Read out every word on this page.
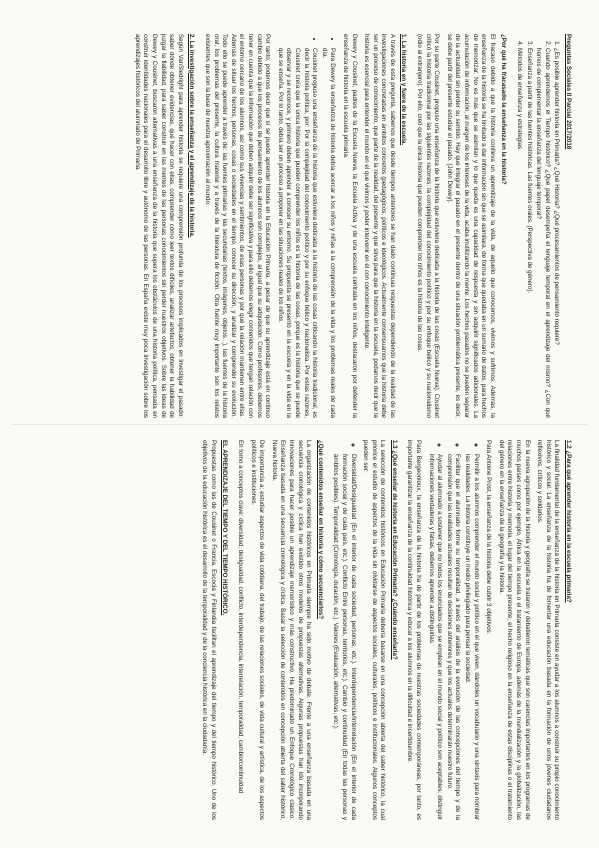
Preguntas Sociales II Parcial 2017/2018
1. ¿Es posible aprender historia en Primaria? ¿Qué Historia? ¿Qué procesamientos de pensamiento requiere?
2. Cuando aprendemos el Tiempo histórico? ¿Qué papel desempeña el lenguaje temporal en el aprendizaje del mismo? ¿Con qué hemos de complementar la enseñanza del lenguaje temporal?
3. Enseñanza a partir de las fuentes históricas. Las fuentes orales. (Perspectiva de género).
4. Métodos de enseñanza y estrategias.
¿Por qué ha fracasado la enseñanza en la historia?

El fracaso debido a que la historia conlleva un aprendizaje de la vida, de aquello que conocemos, vivimos y sufrimos. Además, la enseñanza de la historia se ha limitado a dar información sin que se asimilara, de forma que quedaba en un sumario de datos, para hechos de memorizar. No es más que se asimilan y lo que queda es una capacidad de respuesta y sin adquirir significados adicionales. La acumulación de información, al margen de los intereses de la vida, acaba inutilizando la mente. Los hechos pasados no se pueden separar de la actualidad sin perder su sentido. Hay que integrar el pasado en el presente dentro de una situación problemática presente, es decir, se debe partir del presente estudiar el pasado. (John Dewey).

Por su parte Cousinet, propuso una enseñanza de la historia que estuviera dedicada a la historia de las cosas (Escuela Nueva). Cousinet criticó la historia tradicional por las siguientes razones: la complejidad del conocimiento político y por su enfoque bélico y su nacionalismo (odio al extranjero). Por ello, creó que la única historia que pueden comprender los niños es la historia de las cosas.

1. La historia en y fuera de la escuela.

A través de esta pregunta, sabemos que desde tiempos anteriores se han dado continuas respuestas dependiendo de la realidad de las investigaciones concretadas en ámbitos concretos (pedagógicos, políticos e ideológicos. Actualmente consensuamos que la historia debe ser un proceso de conocimiento, que parte de la realidad, del presente y que sirva para que la historia en la escuela, podamos decir que la historia es esencial para entender el mundo en el que vivimos y poder intervenir en él con conocimiento inteligente.

Dewey y Cousinet, padres de la Escuela Nueva, la Escuela Activa y de una escuela centrada en los niños, destacaron por defender la enseñanza de historia en la escuela primaria.

• Para Dewey la enseñanza de historia debía acercar a los niños y niñas a la comprensión de la vida y los problemas reales de cada día.
• Cousinet propuso una enseñanza de la historia que estuviera dedicada a la historia de las cosas criticando la historia tradicional, es decir la historia política, por: Por la complejidad del conocimiento político y por su enfoque bélico y nacionalista. Por estas razones, Cousinet creía que la única historia que pueden comprender los niños es la historia de las cosas, porque es la historia que se puede observar y se reconoce, y primero deben aprender a conocer su entorno. Su propuesta se presentó en la escuela y en la vida en la que se enseña. Por lo tanto, debía ser un proceso a proponer en las situaciones reales de los niños.

Por tanto, podemos decir que sí se puede aprender historia en la Educación Primaria, a pesar de que su aprendizaje está en continuo cambio debido a que los procesos de pensamiento de los alumnos son complejos, al igual que su adquisición. Como profesores, debemos tener en cuenta que la información que deben adquirir debe ser significativa y para ello debemos elegir contenidos que tengan relación con el entorno cercano de los alumnos, así como sus vivencias y sentimientos, de esas personas y por qué la relación mantienen entre ellas. Además de situar los hechos, personas, cosas o sociedades en el tiempo, conocer su dirección, y analizar y comprender su evolución. Todo ello se puede aprender a través de: las fuentes primarias y las secundarias (textos, imágenes, objetos...), las fuentes de la historia oral, los problemas del presente, la cultura material y a través de la literatura de ficción. Otra fuente muy importante son los relatos existentes que son la base de nuestra aproximación al mundo.

2. La investigación sobre la enseñanza y el aprendizaje de la historia.

Según VanSledright para aprender historia se requiere una comprensión profunda de los procesos implicados en investigar el pasado: saber dónde obtener evidencias, qué hacer con ellas, comprender cómo leer textos difíciles, analizar artefactos, obtener la habilidad de juzgar la fiabilidad, para saber construir en las mentes de las personas conocimientos sin perder nuestros objetivos. Sobre las ideas de Dewey y Cousinet, buscaron alternativas a una enseñanza de la historia que supera los obstáculos de una historia política, pensada en construir identidades nacionales para el desarrollo libre y autónomo de las personas. En España existe muy poca investigación sobre los aprendizajes históricos del alumnado de Primaria.

1.2 ¿Para qué aprender historia en la escuela primaria?

La finalidad fundamental de la enseñanza de la historia en Primaria consiste en ayudar a los alumnos a construir su propio conocimiento histórico y social. La enseñanza de la historia ha de fomentar una educación basada en la formación de unos jóvenes ciudadanos reflexivos, críticos y solidarios.

En la nueva agrupación de la historia y geografía se trataron y debatieron temáticas que son carencias importantes en los programas de muchos países como por ejemplo, África en la escuela o el tratamiento de Europa, además de la mundialización y la globalización, las relaciones entre historia y memoria, el lugar del tiempo presente, el hecho religioso en la enseñanza de estas disciplinas o el tratamiento del género en la enseñanza de la geografía y la historia.

Para Antoine Prost, la enseñanza de la historia debe cubrir 3 objetivos:

◦ Permitir a los alumnos comprender el mundo social y político en el que viven, dándoles un vocabulario y una sintaxis para nombrar las realidades. La historia constituye un medio privilegiado para pensar la sociedad.
◦ Facilitar que el alumnado forme su temporalidad, a través del análisis de la evolución de las concepciones del tiempo y de la comprensión que las realidades actuales resultan de decisiones anteriores y que los actuales determinarán nuestro futuro.
◦ Ayudar al alumnado a sostener que no todos los enunciados que se emplean en el mundo social y político son aceptables: distinguir informaciones verdaderas y falsas, debemos aprender a distinguirlas.

Para Bergeonioux, la enseñanza de la historia ha de partir de los problemas de nuestras sociedades contemporáneas, por tanto, es importante garantizar la enseñanza de la continuidad histórica y educar a los alumnos en la dificultad e incertidumbre.

1.3 ¿Qué enseñar de historia en Educación Primaria? ¿Cuándo enseñarla?

La selección de contenidos históricos en Educación Primaria debería basarse en una concepción abierta del saber histórico, la cual priorice el estudio de aspectos de la vida sin olvidarse de aspectos sociales, culturales, políticos e institucionales. Algunos conceptos pueden ser:

◦ Diversidad/Desigualdad (En el interior de cada sociedad, personas, etc.). Interdependencia/Interrelación (En el interior de cada formación social y de cada país, etc.). Conflicto Entre personas, territorios, etc.). Cambio y continuidad (En todas las personas y ámbitos posibles). Temporalidad (Cronología, duración, etc.). Valores (Evaluación, alternativas, etc.).
¿Qué contenidos enseñar en historia y cómo secuenciarlos?

La organización de contenidos históricos en Primaria siempre ha sido motivo de debate. Frente a una enseñanza basada en una secuencia cronológica y cíclica han existido otros modelos de propuestas alternativas. Algunas propuestas han ido incorporando innovaciones para hacer posible un aprendizaje memorístico y más constructivo. Ha predominado un Enfoque Cronológico clásico. Enseñanza basada en una secuencia cronológica y cíclica. Basar la selección de contenidos en concepción abierta del saber histórico, Nueva historia.

De importancia a; estudiar aspectos de vida cotidiana, del trabajo, de las relaciones sociales, de vida cultural y artística, de los aspectos políticos e instituciones.

En torno a conceptos clave: diversidad, desigualdad, conflicto, interdependencia, interrelación, temporalidad, cambio/continuidad

EL APRENDIZAJE DEL TIEMPO Y DEL TIEMPO HISTÓRICO.

Propuestas como las de Cousinet o Francia, Escocia y Finlandia facilitan el aprendizaje del tiempo y del tiempo histórico. Uno de los objetivos de la educación histórica es el desarrollo de la temporalidad y de la conciencia histórica en la ciudadanía.
